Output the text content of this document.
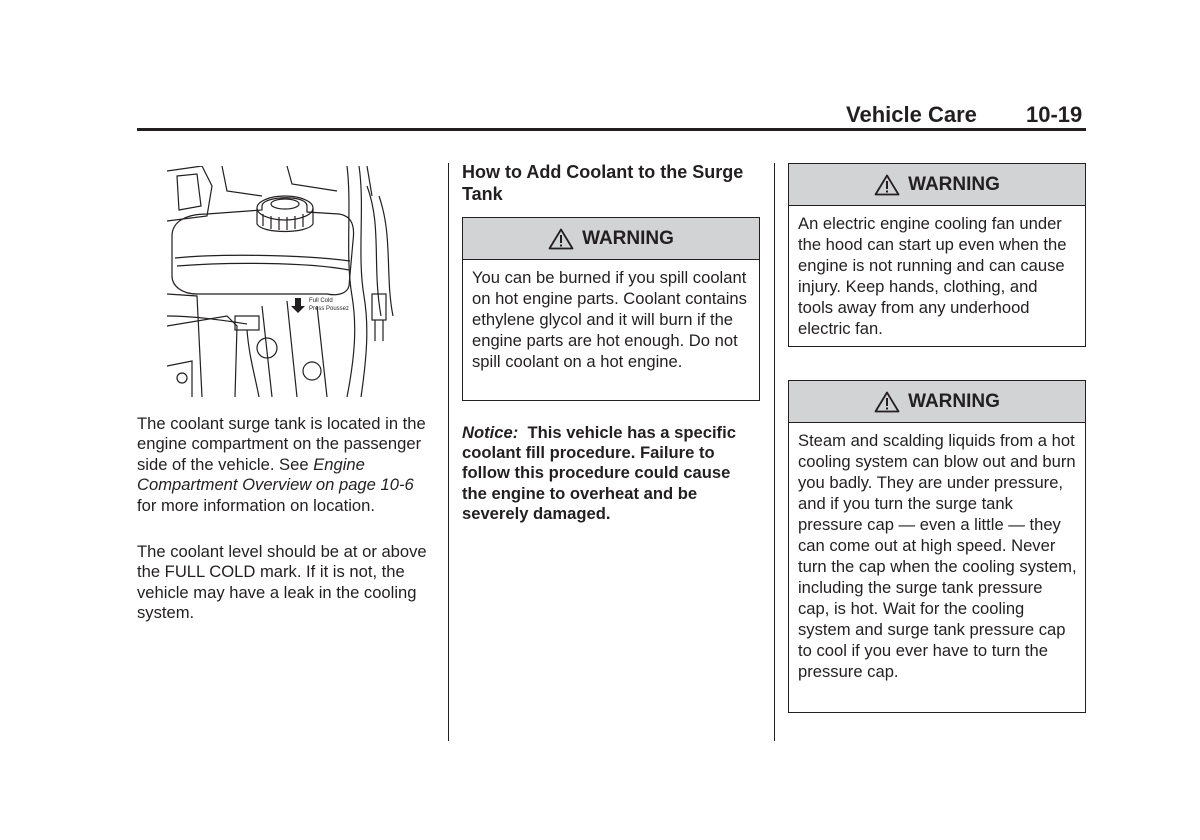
Vehicle Care 10-19
Full Cold
Press Poussez

The coolant surge tank is located in the engine compartment on the passenger side of the vehicle. See Engine Compartment Overview on page 10-6 for more information on location.

The coolant level should be at or above the FULL COLD mark. If it is not, the vehicle may have a leak in the cooling system.

How to Add Coolant to the Surge Tank
WARNING
You can be burned if you spill coolant on hot engine parts. Coolant contains ethylene glycol and it will burn if the engine parts are hot enough. Do not spill coolant on a hot engine.

Notice: This vehicle has a specific coolant fill procedure. Failure to follow this procedure could cause the engine to overheat and be severely damaged.

WARNING
An electric engine cooling fan under the hood can start up even when the engine is not running and can cause injury. Keep hands, clothing, and tools away from any underhood electric fan.
WARNING
Steam and scalding liquids from a hot cooling system can blow out and burn you badly. They are under pressure, and if you turn the surge tank pressure cap — even a little — they can come out at high speed. Never turn the cap when the cooling system, including the surge tank pressure cap, is hot. Wait for the cooling system and surge tank pressure cap to cool if you ever have to turn the pressure cap.
